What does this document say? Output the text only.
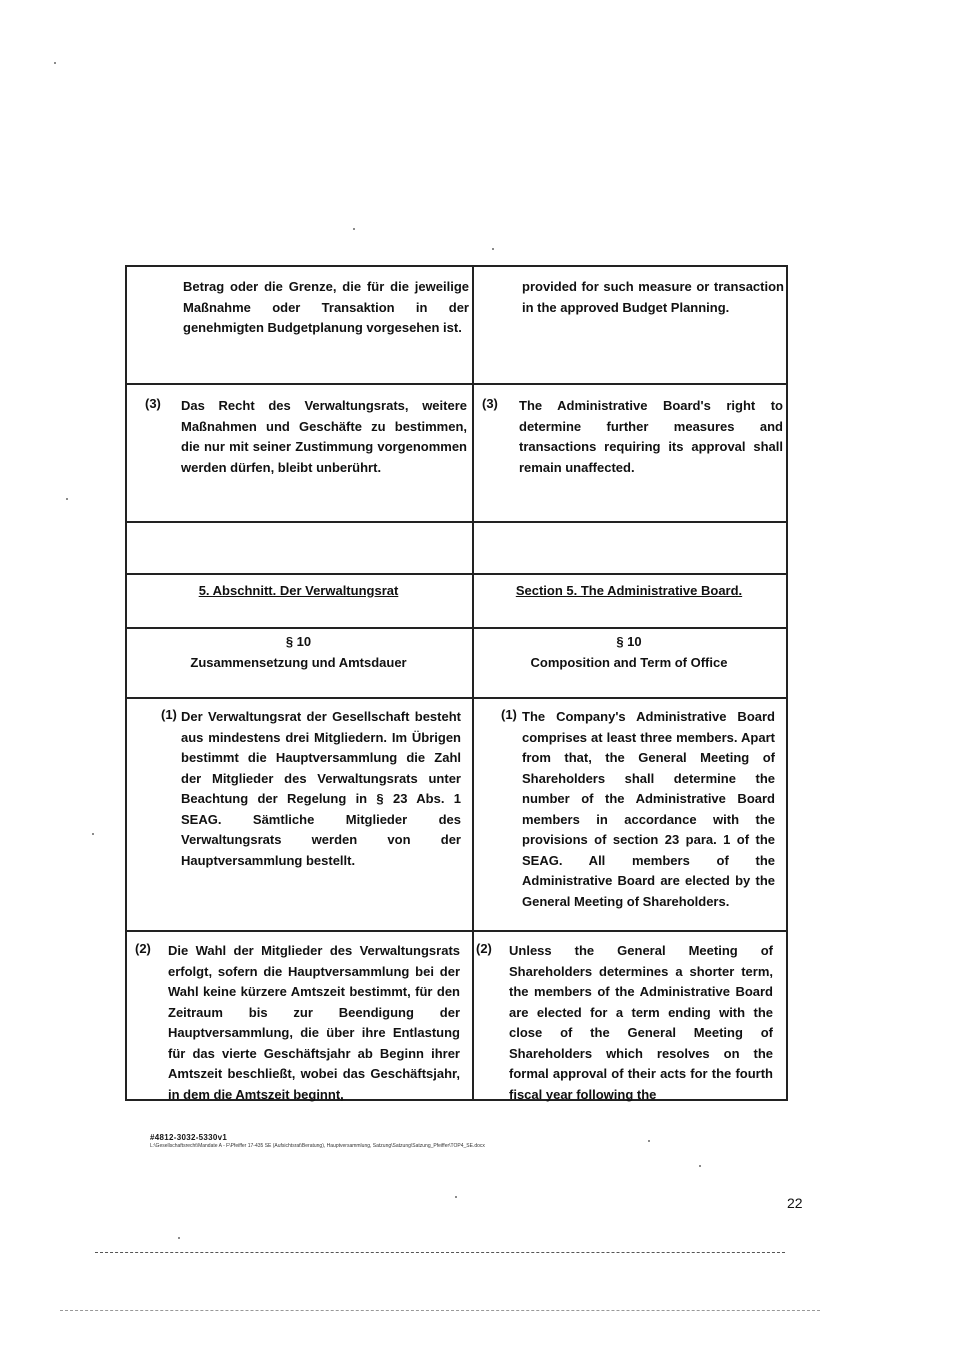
Betrag oder die Grenze, die für die jeweilige Maßnahme oder Transaktion in der genehmigten Budgetplanung vorgesehen ist.
provided for such measure or transaction in the approved Budget Planning.
(3) Das Recht des Verwaltungsrats, weitere Maßnahmen und Geschäfte zu bestimmen, die nur mit seiner Zustimmung vorgenommen werden dürfen, bleibt unberührt.
(3) The Administrative Board's right to determine further measures and transactions requiring its approval shall remain unaffected.
5. Abschnitt. Der Verwaltungsrat	Section 5. The Administrative Board.
§ 10
Zusammensetzung und Amtsdauer
§ 10
Composition and Term of Office
(1) Der Verwaltungsrat der Gesellschaft besteht aus mindestens drei Mitgliedern. Im Übrigen bestimmt die Hauptversammlung die Zahl der Mitglieder des Verwaltungsrats unter Beachtung der Regelung in § 23 Abs. 1 SEAG. Sämtliche Mitglieder des Verwaltungsrats werden von der Hauptversammlung bestellt.
(1) The Company's Administrative Board comprises at least three members. Apart from that, the General Meeting of Shareholders shall determine the number of the Administrative Board members in accordance with the provisions of section 23 para. 1 of the SEAG. All members of the Administrative Board are elected by the General Meeting of Shareholders.
(2) Die Wahl der Mitglieder des Verwaltungsrats erfolgt, sofern die Hauptversammlung bei der Wahl keine kürzere Amtszeit bestimmt, für den Zeitraum bis zur Beendigung der Hauptversammlung, die über ihre Entlastung für das vierte Geschäftsjahr ab Beginn ihrer Amtszeit beschließt, wobei das Geschäftsjahr, in dem die Amtszeit beginnt,
(2) Unless the General Meeting of Shareholders determines a shorter term, the members of the Administrative Board are elected for a term ending with the close of the General Meeting of Shareholders which resolves on the formal approval of their acts for the fourth fiscal year following the
#4812-3032-5330v1
L:\Gesellschaftsrecht\Mandate A - F\Pfeiffer 17-435 SE (Aufsichtsrat\Beratung), Hauptversammlung, Satzung\Satzung\Satzung_Pfeiffer\TOP4_SE.docx
22
